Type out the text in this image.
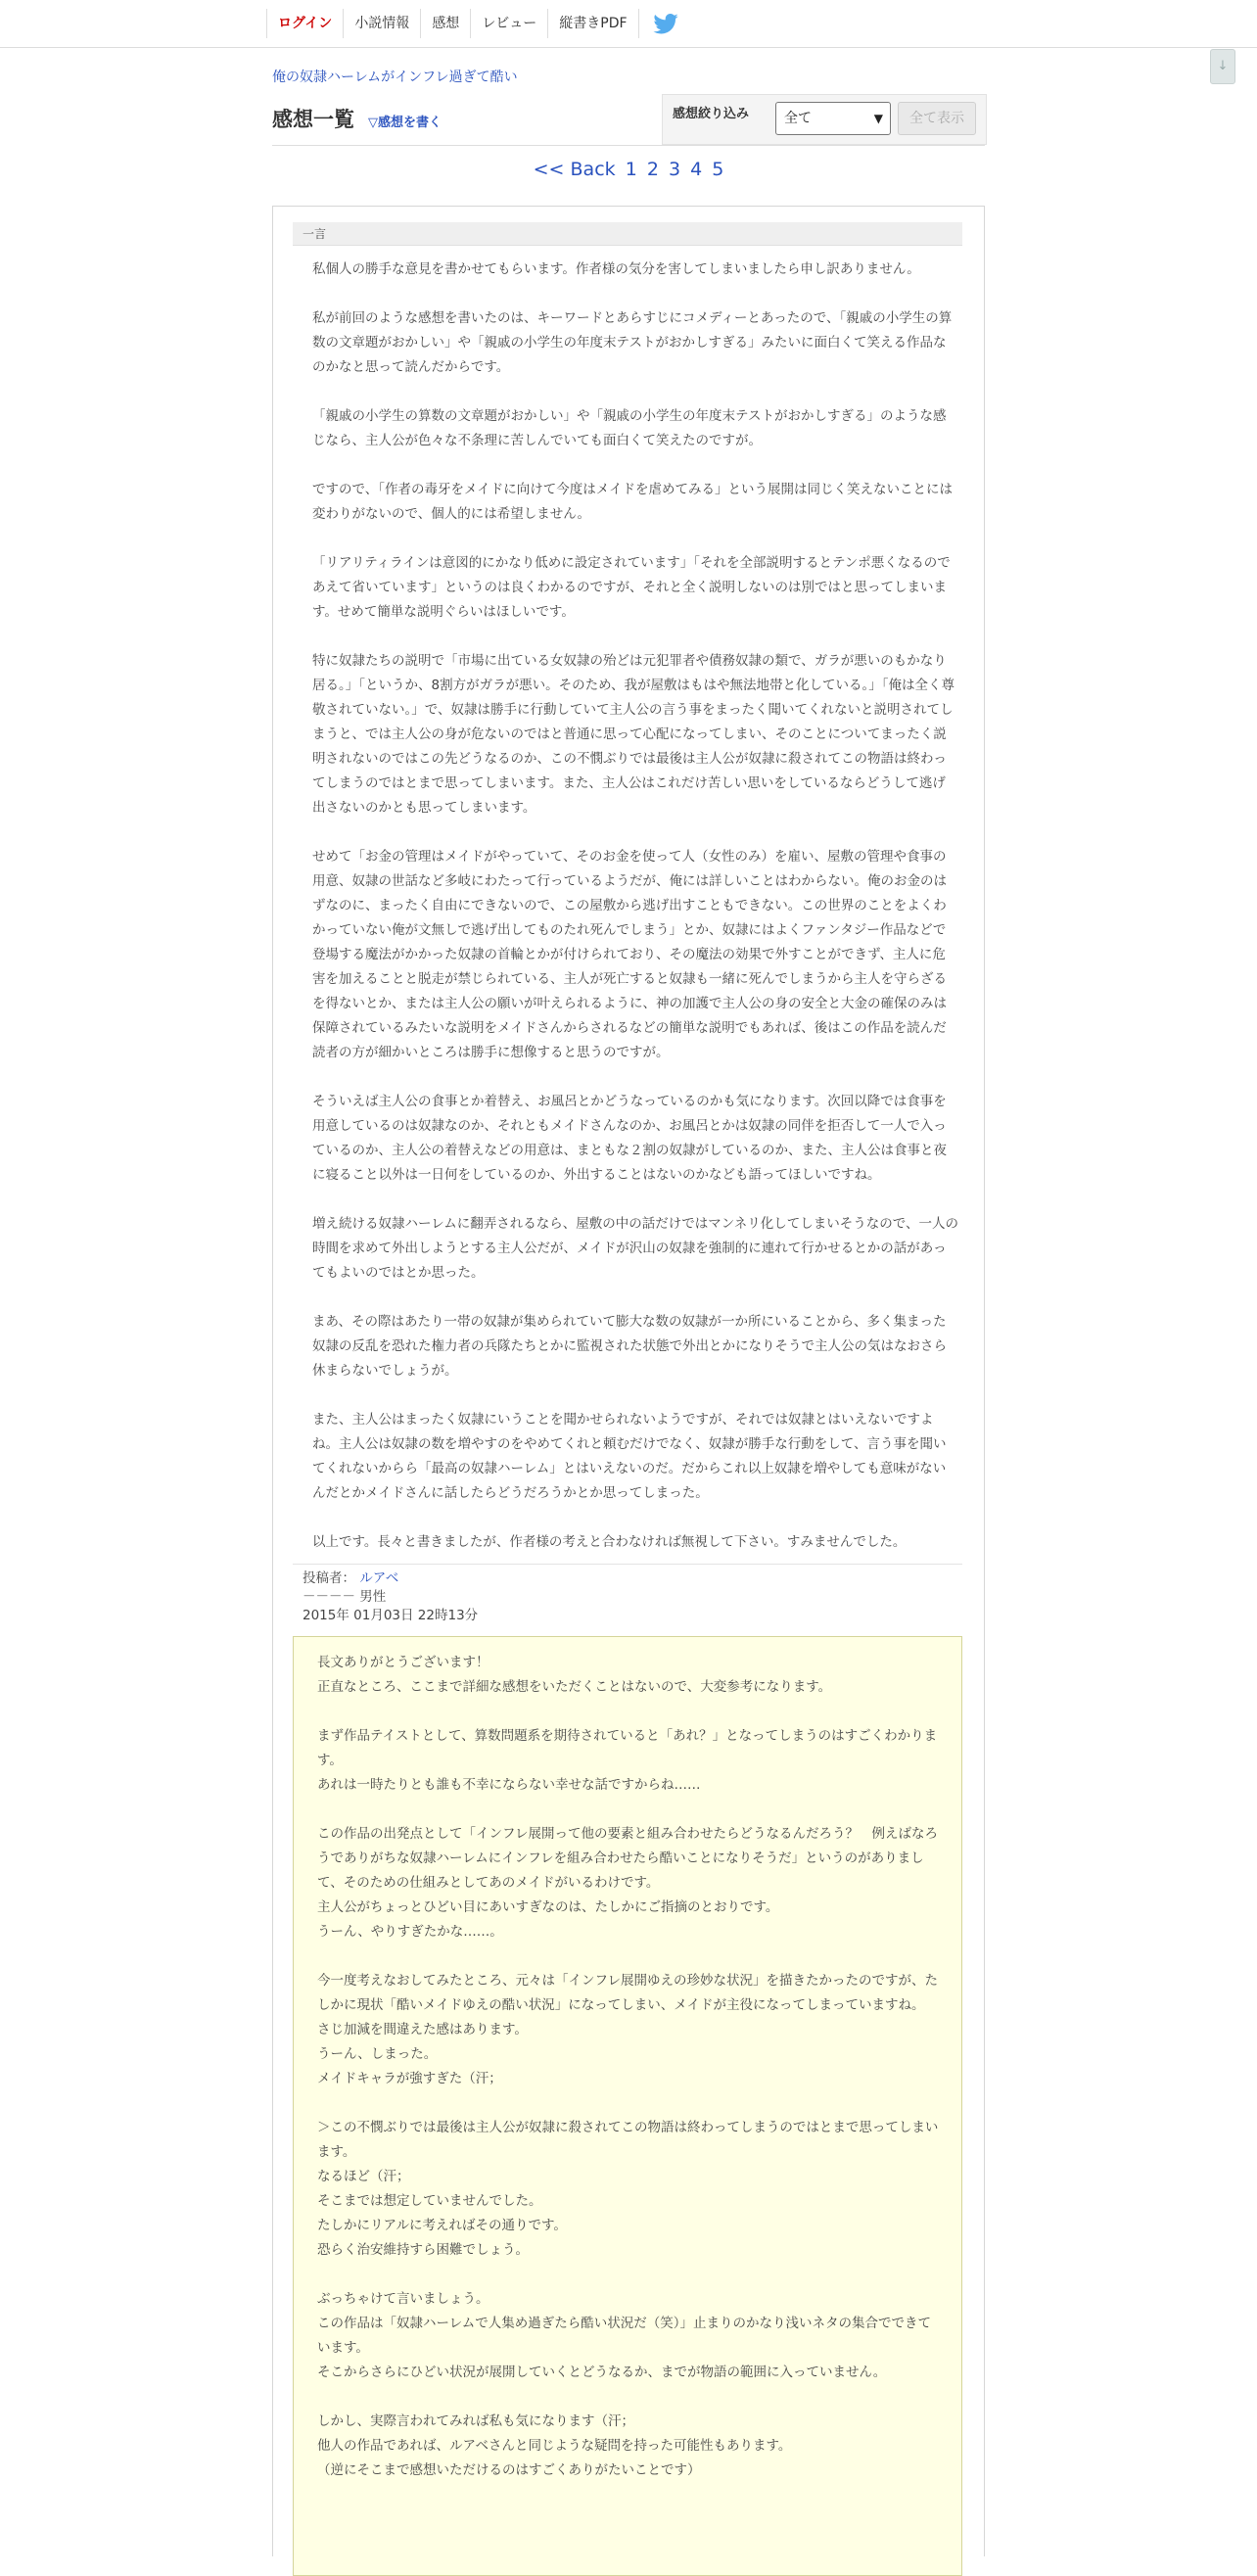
ログイン	小説情報	感想	レビュー	縦書きPDF
↓
俺の奴隷ハーレムがインフレ過ぎて酷い
感想一覧 ▽感想を書く
感想絞り込み	全て	▼	全て表示
<< Back 1 2 3 4 5
一言

私個人の勝手な意見を書かせてもらいます。作者様の気分を害してしまいましたら申し訳ありません。

私が前回のような感想を書いたのは、キーワードとあらすじにコメディーとあったので、「親戚の小学生の算数の文章題がおかしい」や「親戚の小学生の年度末テストがおかしすぎる」みたいに面白くて笑える作品なのかなと思って読んだからです。

「親戚の小学生の算数の文章題がおかしい」や「親戚の小学生の年度末テストがおかしすぎる」のような感じなら、主人公が色々な不条理に苦しんでいても面白くて笑えたのですが。

ですので、「作者の毒牙をメイドに向けて今度はメイドを虐めてみる」という展開は同じく笑えないことには変わりがないので、個人的には希望しません。

「リアリティラインは意図的にかなり低めに設定されています」「それを全部説明するとテンポ悪くなるのであえて省いています」というのは良くわかるのですが、それと全く説明しないのは別ではと思ってしまいます。せめて簡単な説明ぐらいはほしいです。

特に奴隷たちの説明で「市場に出ている女奴隷の殆どは元犯罪者や債務奴隷の類で、ガラが悪いのもかなり居る。」「というか、8割方がガラが悪い。そのため、我が屋敷はもはや無法地帯と化している。」「俺は全く尊敬されていない。」で、奴隷は勝手に行動していて主人公の言う事をまったく聞いてくれないと説明されてしまうと、では主人公の身が危ないのではと普通に思って心配になってしまい、そのことについてまったく説明されないのではこの先どうなるのか、この不憫ぶりでは最後は主人公が奴隷に殺されてこの物語は終わってしまうのではとまで思ってしまいます。また、主人公はこれだけ苦しい思いをしているならどうして逃げ出さないのかとも思ってしまいます。

せめて「お金の管理はメイドがやっていて、そのお金を使って人（女性のみ）を雇い、屋敷の管理や食事の用意、奴隷の世話など多岐にわたって行っているようだが、俺には詳しいことはわからない。俺のお金のはずなのに、まったく自由にできないので、この屋敷から逃げ出すこともできない。この世界のことをよくわかっていない俺が文無しで逃げ出してものたれ死んでしまう」とか、奴隷にはよくファンタジー作品などで登場する魔法がかかった奴隷の首輪とかが付けられており、その魔法の効果で外すことができず、主人に危害を加えることと脱走が禁じられている、主人が死亡すると奴隷も一緒に死んでしまうから主人を守らざるを得ないとか、または主人公の願いが叶えられるように、神の加護で主人公の身の安全と大金の確保のみは保障されているみたいな説明をメイドさんからされるなどの簡単な説明でもあれば、後はこの作品を読んだ読者の方が細かいところは勝手に想像すると思うのですが。

そういえば主人公の食事とか着替え、お風呂とかどうなっているのかも気になります。次回以降では食事を用意しているのは奴隷なのか、それともメイドさんなのか、お風呂とかは奴隷の同伴を拒否して一人で入っているのか、主人公の着替えなどの用意は、まともな２割の奴隷がしているのか、また、主人公は食事と夜に寝ること以外は一日何をしているのか、外出することはないのかなども語ってほしいですね。

増え続ける奴隷ハーレムに翻弄されるなら、屋敷の中の話だけではマンネリ化してしまいそうなので、一人の時間を求めて外出しようとする主人公だが、メイドが沢山の奴隷を強制的に連れて行かせるとかの話があってもよいのではとか思った。

まあ、その際はあたり一帯の奴隷が集められていて膨大な数の奴隷が一か所にいることから、多く集まった奴隷の反乱を恐れた権力者の兵隊たちとかに監視された状態で外出とかになりそうで主人公の気はなおさら休まらないでしょうが。

また、主人公はまったく奴隷にいうことを聞かせられないようですが、それでは奴隷とはいえないですよね。主人公は奴隷の数を増やすのをやめてくれと頼むだけでなく、奴隷が勝手な行動をして、言う事を聞いてくれないからら「最高の奴隷ハーレム」とはいえないのだ。だからこれ以上奴隷を増やしても意味がないんだとかメイドさんに話したらどうだろうかとか思ってしまった。

以上です。長々と書きましたが、作者様の考えと合わなければ無視して下さい。すみませんでした。

投稿者： ルアベ
－－－－ 男性
2015年 01月03日 22時13分

長文ありがとうございます！
正直なところ、ここまで詳細な感想をいただくことはないので、大変参考になります。

まず作品テイストとして、算数問題系を期待されていると「あれ？」となってしまうのはすごくわかります。
あれは一時たりとも誰も不幸にならない幸せな話ですからね……

この作品の出発点として「インフレ展開って他の要素と組み合わせたらどうなるんだろう？　例えばなろうでありがちな奴隷ハーレムにインフレを組み合わせたら酷いことになりそうだ」というのがありまして、そのための仕組みとしてあのメイドがいるわけです。
主人公がちょっとひどい目にあいすぎなのは、たしかにご指摘のとおりです。
うーん、やりすぎたかな……。

今一度考えなおしてみたところ、元々は「インフレ展開ゆえの珍妙な状況」を描きたかったのですが、たしかに現状「酷いメイドゆえの酷い状況」になってしまい、メイドが主役になってしまっていますね。
さじ加減を間違えた感はあります。
うーん、しまった。
メイドキャラが強すぎた（汗；

＞この不憫ぶりでは最後は主人公が奴隷に殺されてこの物語は終わってしまうのではとまで思ってしまいます。
なるほど（汗；
そこまでは想定していませんでした。
たしかにリアルに考えればその通りです。
恐らく治安維持すら困難でしょう。

ぶっちゃけて言いましょう。
この作品は「奴隷ハーレムで人集め過ぎたら酷い状況だ（笑）」止まりのかなり浅いネタの集合でできています。
そこからさらにひどい状況が展開していくとどうなるか、までが物語の範囲に入っていません。

しかし、実際言われてみれば私も気になります（汗；
他人の作品であれば、ルアベさんと同じような疑問を持った可能性もあります。
（逆にそこまで感想いただけるのはすごくありがたいことです）
